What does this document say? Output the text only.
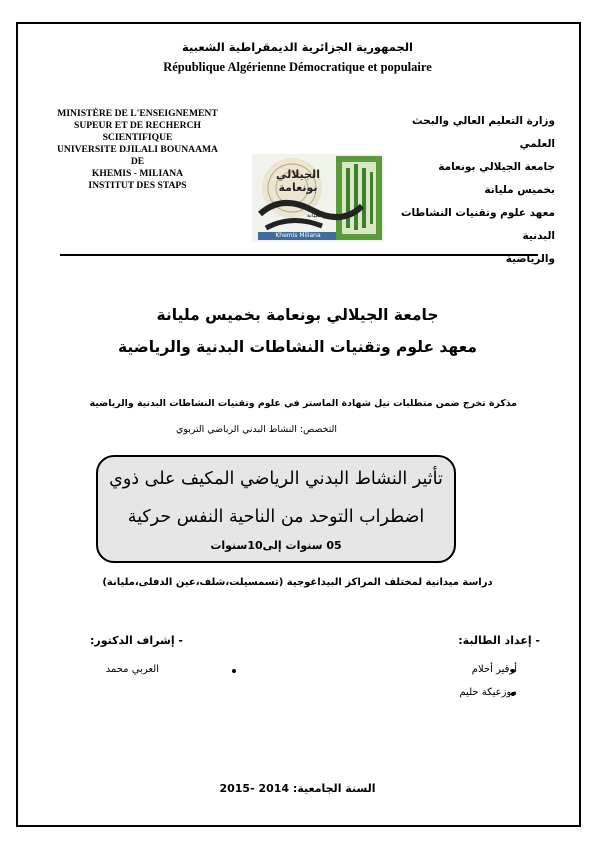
الجمهورية الجزائرية الديمقراطية الشعبية
République Algérienne Démocratique et populaire
MINISTÈRE DE L'ENSEIGNEMENT
SUPEUR ET DE RECHERCH
SCIENTIFIQUE
UNIVERSITE DJILALI BOUNAAMA
DE
KHEMIS - MILIANA
INSTITUT DES STAPS
وزارة التعليم العالي والبحث العلمي
جامعة الجيلالي بونعامة
بخميس مليانة
معهد علوم وتقنيات النشاطات البدنية
والرياضية
الجيلالي بونعامة
خميس مليانة
Khemis Miliana
جامعة الجيلالي بونعامة بخميس مليانة
معهد علوم وتقنيات النشاطات البدنية والرياضية
مذكرة تخرج ضمن متطلبات نيل شهادة الماستر في علوم وتقنيات النشاطات البدنية والرياضية
التخصص: النشاط البدني الرياضي التربوي
تأثير النشاط البدني الرياضي المكيف على ذوي
اضطراب التوحد من الناحية النفس حركية
05 سنوات إلى10سنوات
دراسة ميدانية لمختلف المراكز البيداغوجية (تسمسيلت،شلف،عين الدفلى،مليانة)
- إعداد الطالبة:
- إشراف الدكتور:
أوقير أحلام
موزعيكة حليم
العربي محمد
السنة الجامعية: 2014 -2015
